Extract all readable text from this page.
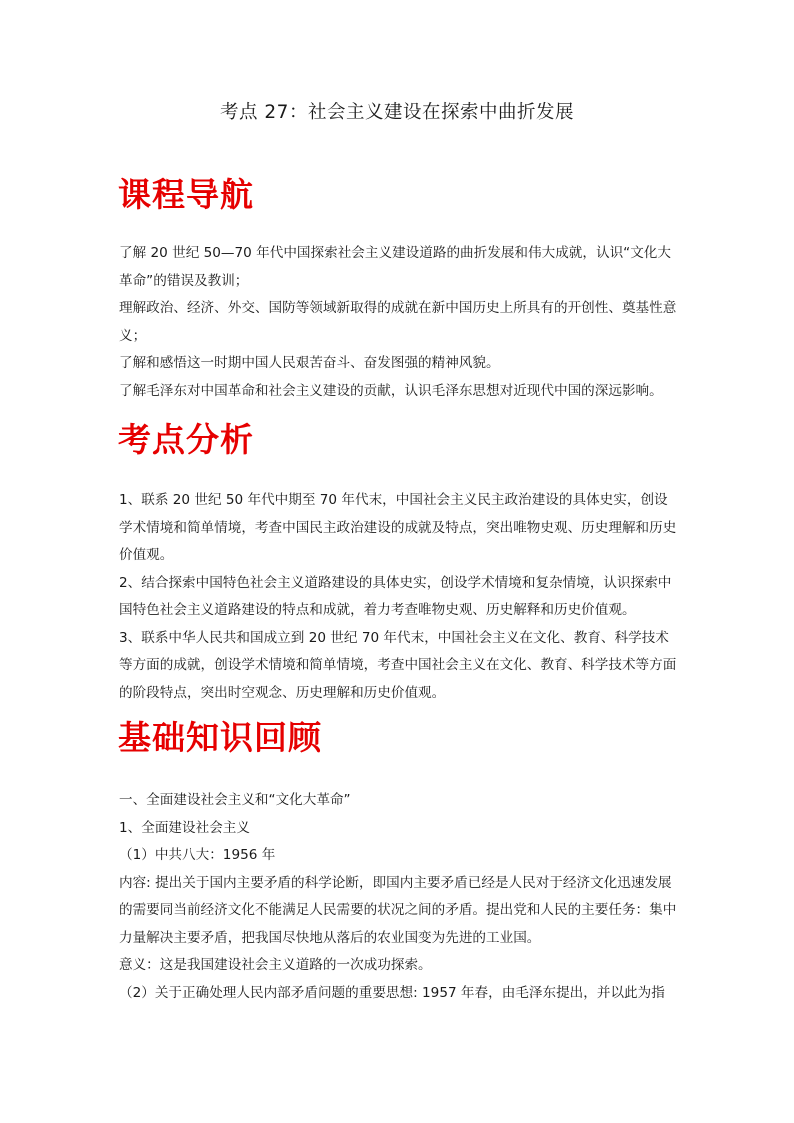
考点 27：社会主义建设在探索中曲折发展
课程导航

了解 20 世纪 50—70 年代中国探索社会主义建设道路的曲折发展和伟大成就，认识“文化大革命”的错误及教训；

理解政治、经济、外交、国防等领域新取得的成就在新中国历史上所具有的开创性、奠基性意义；

了解和感悟这一时期中国人民艰苦奋斗、奋发图强的精神风貌。

了解毛泽东对中国革命和社会主义建设的贡献，认识毛泽东思想对近现代中国的深远影响。

考点分析

1、联系 20 世纪 50 年代中期至 70 年代末，中国社会主义民主政治建设的具体史实，创设学术情境和简单情境，考查中国民主政治建设的成就及特点，突出唯物史观、历史理解和历史价值观。

2、结合探索中国特色社会主义道路建设的具体史实，创设学术情境和复杂情境，认识探索中国特色社会主义道路建设的特点和成就，着力考查唯物史观、历史解释和历史价值观。

3、联系中华人民共和国成立到 20 世纪 70 年代末，中国社会主义在文化、教育、科学技术等方面的成就，创设学术情境和简单情境，考查中国社会主义在文化、教育、科学技术等方面的阶段特点，突出时空观念、历史理解和历史价值观。

基础知识回顾

一、全面建设社会主义和“文化大革命”

1、全面建设社会主义

（1）中共八大：1956 年

内容: 提出关于国内主要矛盾的科学论断，即国内主要矛盾已经是人民对于经济文化迅速发展的需要同当前经济文化不能满足人民需要的状况之间的矛盾。提出党和人民的主要任务：集中力量解决主要矛盾，把我国尽快地从落后的农业国变为先进的工业国。

意义：这是我国建设社会主义道路的一次成功探索。

（2）关于正确处理人民内部矛盾问题的重要思想: 1957 年春，由毛泽东提出，并以此为指
